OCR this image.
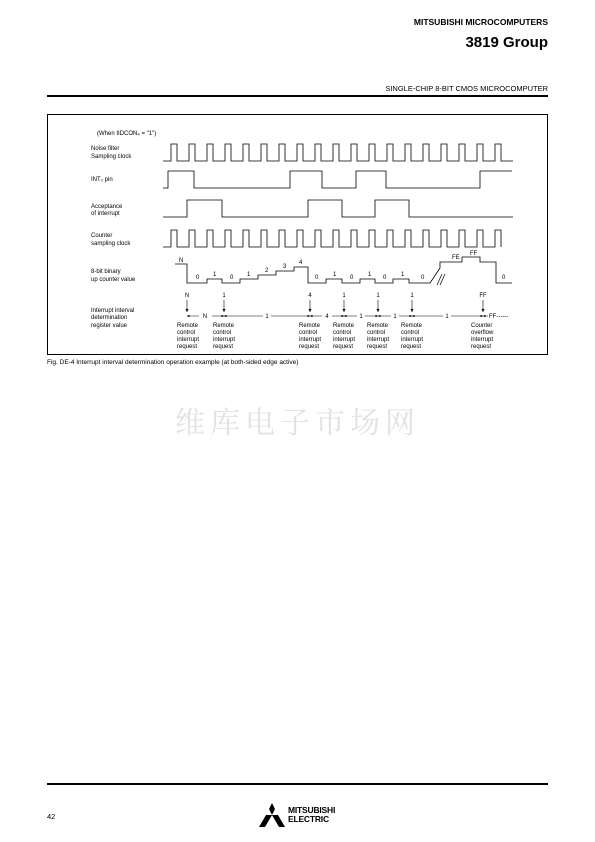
MITSUBISHI MICROCOMPUTERS
3819 Group
SINGLE-CHIP 8-BIT CMOS MICROCOMPUTER
(When IIDCON₄ = "1")
Noise filter
Sampling clock
INT₂ pin
Acceptance
of interrupt
Counter
sampling clock
8-bit binary
up counter value
Interrupt interval
determination
register value
N
0 1 0 1
2
3
4
0 1 0 1 0 1	0
FE
FF
0
N	1	4	1	1	1	FF
N	1	4	1	1	1	FF------
Remote
control
interrupt
request
Remote
control
interrupt
request
Remote
control
interrupt
request
Remote
control
interrupt
request
Remote
control
interrupt
request
Remote
control
interrupt
request
Counter
overflow
interrupt
request
Fig. DE-4 Interrupt interval determination operation example (at both-sided edge active)
维库电子市场网
42
MITSUBISHI
ELECTRIC
